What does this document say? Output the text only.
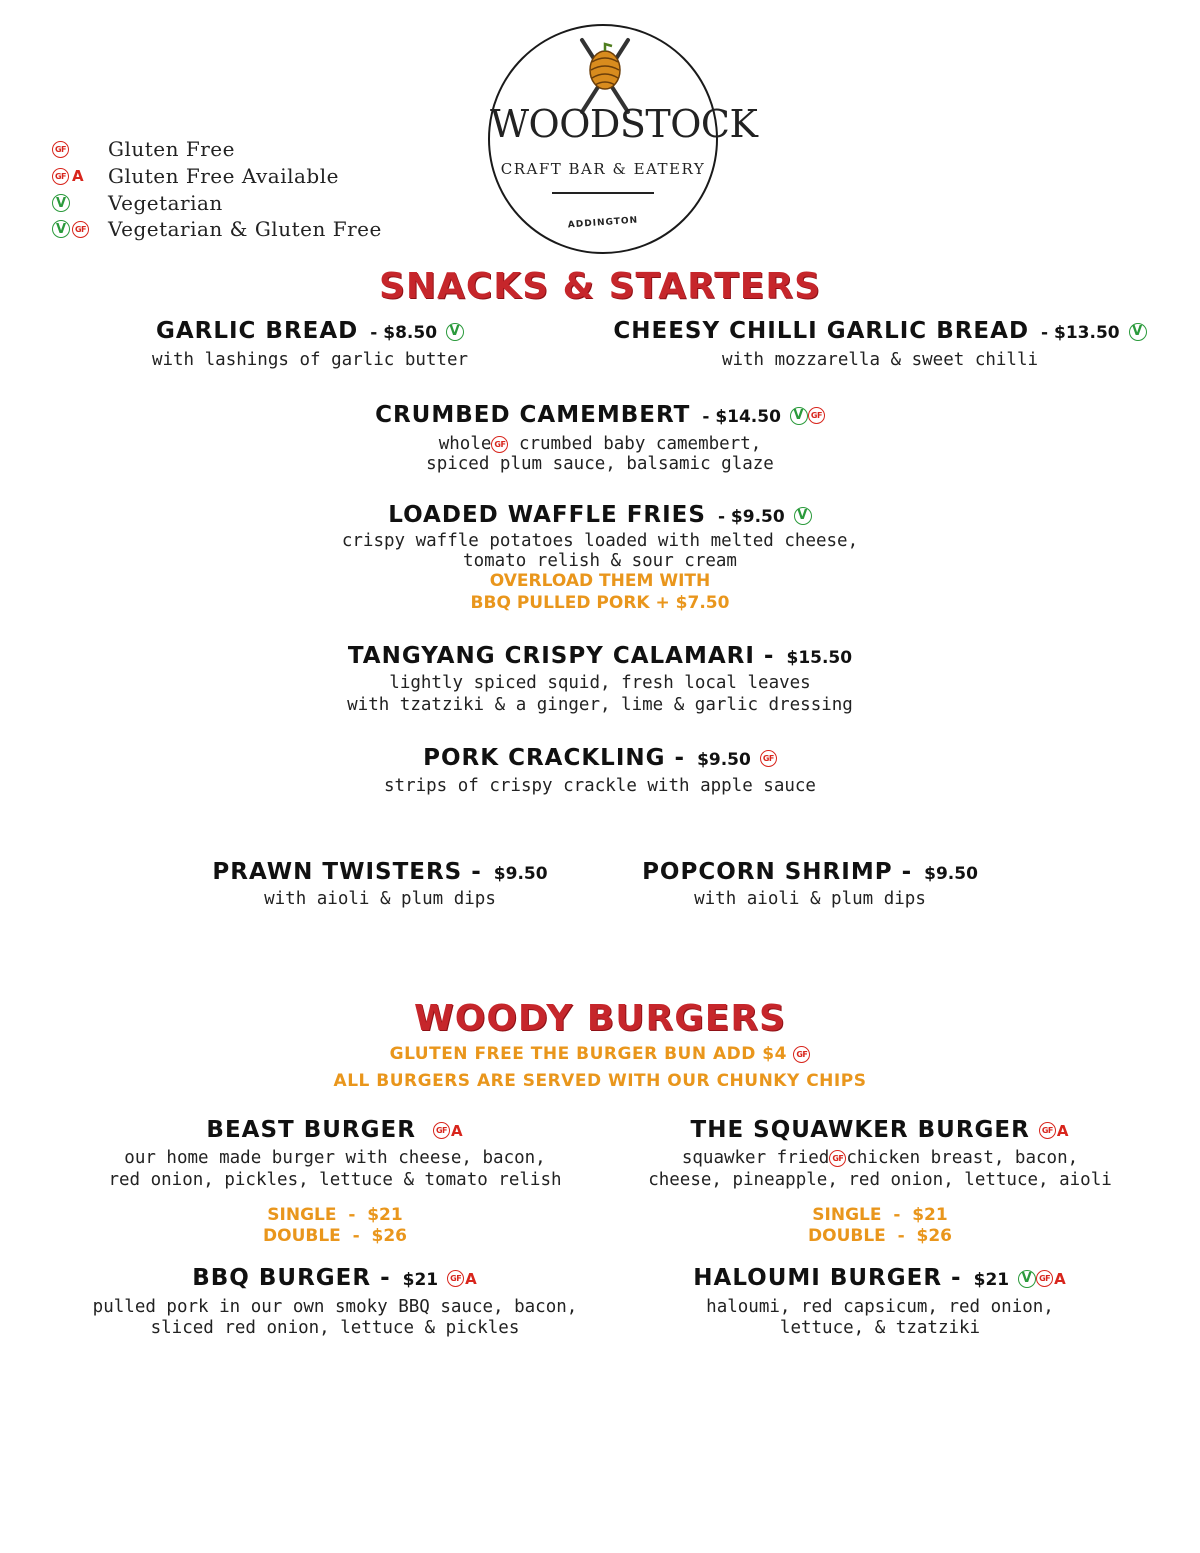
GF Gluten Free
GF A Gluten Free Available
V Vegetarian
V	GF Vegetarian & Gluten Free
WOODSTOCK
CRAFT BAR & EATERY
ADDINGTON
SNACKS & STARTERS
GARLIC BREAD - $8.50 V
with lashings of garlic butter
CHEESY CHILLI GARLIC BREAD - $13.50 V
with mozzarella & sweet chilli
CRUMBED CAMEMBERT - $14.50 V GF
whole GF crumbed baby camembert,
spiced plum sauce, balsamic glaze
LOADED WAFFLE FRIES - $9.50 V
crispy waffle potatoes loaded with melted cheese,
tomato relish & sour cream
OVERLOAD THEM WITH
BBQ PULLED PORK + $7.50
TANGYANG CRISPY CALAMARI - $15.50
lightly spiced squid, fresh local leaves
with tzatziki & a ginger, lime & garlic dressing
PORK CRACKLING - $9.50 GF
strips of crispy crackle with apple sauce
PRAWN TWISTERS - $9.50
with aioli & plum dips
POPCORN SHRIMP - $9.50
with aioli & plum dips
WOODY BURGERS
GLUTEN FREE THE BURGER BUN ADD $4 GF
ALL BURGERS ARE SERVED WITH OUR CHUNKY CHIPS
BEAST BURGER	GF A
our home made burger with cheese, bacon,
red onion, pickles, lettuce & tomato relish
SINGLE  -  $21
DOUBLE  -  $26
THE SQUAWKER BURGER GF A
squawker fried GF chicken breast, bacon,
cheese, pineapple, red onion, lettuce, aioli
SINGLE  -  $21
DOUBLE  -  $26
BBQ BURGER - $21 GF A
pulled pork in our own smoky BBQ sauce, bacon,
sliced red onion, lettuce & pickles
HALOUMI BURGER - $21 V GF A
haloumi, red capsicum, red onion,
lettuce, & tzatziki
